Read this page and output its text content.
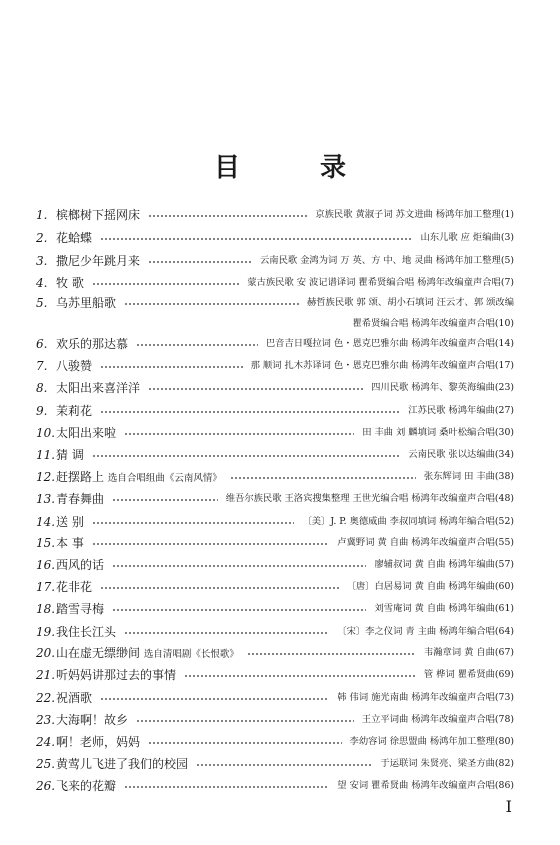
目	录
1. 槟榔树下摇网床	京族民歌 黄淑子词 苏文进曲 杨鸿年加工整理(1)
2. 花蛤蝶	山东儿歌 应 炬编曲(3)
3. 撒尼少年跳月来	云南民歌 金鸿为词 万 英、方 中、地 灵曲 杨鸿年加工整理(5)
4. 牧 歌	蒙古族民歌 安 波记谱译词 瞿希贤编合唱 杨鸿年改编童声合唱(7)
5. 乌苏里船歌	赫哲族民歌 郭 颂、胡小石填词 汪云才、郭 颂改编
瞿希贤编合唱 杨鸿年改编童声合唱(10)
6. 欢乐的那达慕	巴音吉日嘎拉词 色・恩克巴雅尔曲 杨鸿年改编童声合唱(14)
7. 八骏赞	那 顺词 扎木苏译词 色・恩克巴雅尔曲 杨鸿年改编童声合唱(17)
8. 太阳出来喜洋洋	四川民歌 杨鸿年、黎英海编曲(23)
9. 茉莉花	江苏民歌 杨鸿年编曲(27)
10. 太阳出来啦	田 丰曲 刘 麟填词 桑叶松编合唱(30)
11. 猜 调	云南民歌 张以达编曲(34)
12. 赶摆路上 选自合唱组曲《云南风情》	张东辉词 田 丰曲(38)
13. 青春舞曲	维吾尔族民歌 王洛宾搜集整理 王世光编合唱 杨鸿年改编童声合唱(48)
14. 送 别	〔美〕J. P. 奥德威曲 李叔同填词 杨鸿年编合唱(52)
15. 本 事	卢冀野词 黄 自曲 杨鸿年改编童声合唱(55)
16. 西风的话	廖辅叔词 黄 自曲 杨鸿年编曲(57)
17. 花非花	〔唐〕白居易词 黄 自曲 杨鸿年编曲(60)
18. 踏雪寻梅	刘雪庵词 黄 自曲 杨鸿年编曲(61)
19. 我住长江头	〔宋〕李之仪词 青 主曲 杨鸿年编合唱(64)
20. 山在虚无缥缈间 选自清唱剧《长恨歌》	韦瀚章词 黄 自曲(67)
21. 听妈妈讲那过去的事情	管 桦词 瞿希贤曲(69)
22. 祝酒歌	韩 伟词 施光南曲 杨鸿年改编童声合唱(73)
23. 大海啊！故乡	王立平词曲 杨鸿年改编童声合唱(78)
24. 啊！老师，妈妈	李幼容词 徐思盟曲 杨鸿年加工整理(80)
25. 黄莺儿飞进了我们的校园	于运联词 朱贤亮、梁圣方曲(82)
26. 飞来的花瓣	望 安词 瞿希贤曲 杨鸿年改编童声合唱(86)
I
